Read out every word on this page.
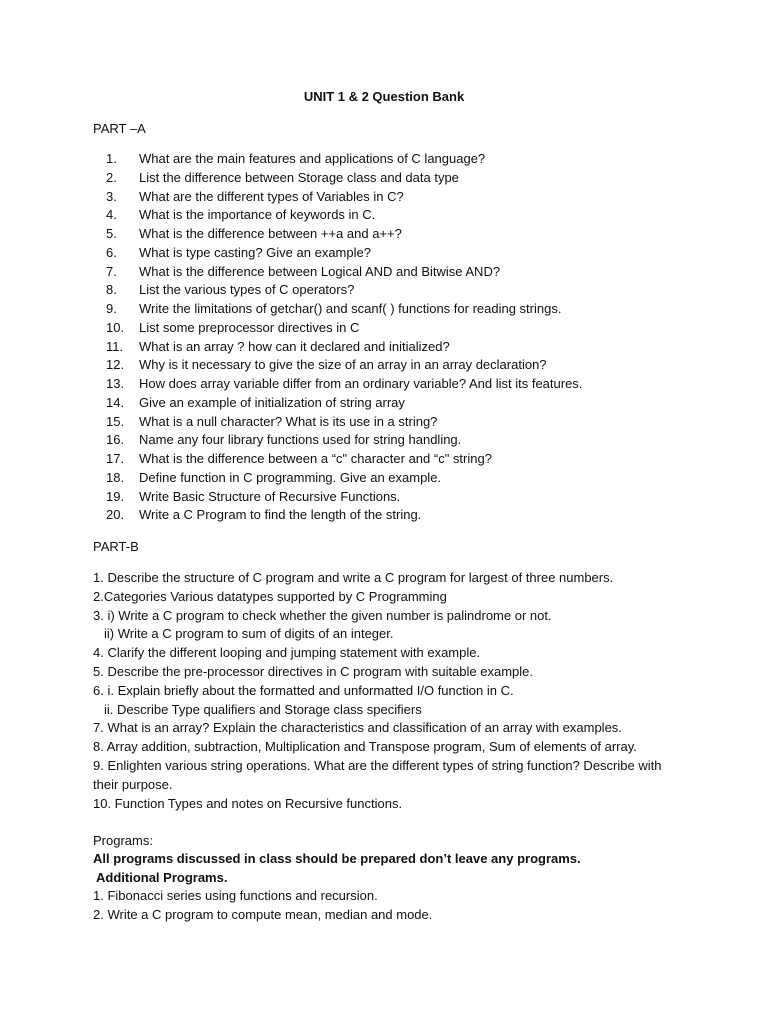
UNIT 1 & 2 Question Bank
PART –A
1. What are the main features and applications of C language?
2. List the difference between Storage class and data type
3. What are the different types of Variables in C?
4. What is the importance of keywords in C.
5. What is the difference between ++a and a++?
6. What is type casting? Give an example?
7. What is the difference between Logical AND and Bitwise AND?
8. List the various types of C operators?
9. Write the limitations of getchar() and scanf( ) functions for reading strings.
10. List some preprocessor directives in C
11. What is an array ? how can it declared and initialized?
12. Why is it necessary to give the size of an array in an array declaration?
13. How does array variable differ from an ordinary variable? And list its features.
14. Give an example of initialization of string array
15. What is a null character? What is its use in a string?
16. Name any four library functions used for string handling.
17. What is the difference between a “c" character and “c" string?
18. Define function in C programming. Give an example.
19. Write Basic Structure of Recursive Functions.
20. Write a C Program to find the length of the string.
PART-B
1. Describe the structure of C program and write a C program for largest of three numbers.
2.Categories Various datatypes supported by C Programming
3. i) Write a C program to check whether the given number is palindrome or not.
ii) Write a C program to sum of digits of an integer.
4. Clarify the different looping and jumping statement with example.
5. Describe the pre-processor directives in C program with suitable example.
6. i. Explain briefly about the formatted and unformatted I/O function in C.
ii. Describe Type qualifiers and Storage class specifiers
7. What is an array? Explain the characteristics and classification of an array with examples.
8. Array addition, subtraction, Multiplication and Transpose program, Sum of elements of array.
9. Enlighten various string operations. What are the different types of string function? Describe with their purpose.
10. Function Types and notes on Recursive functions.
Programs:
All programs discussed in class should be prepared don’t leave any programs.
Additional Programs.
1. Fibonacci series using functions and recursion.
2. Write a C program to compute mean, median and mode.
